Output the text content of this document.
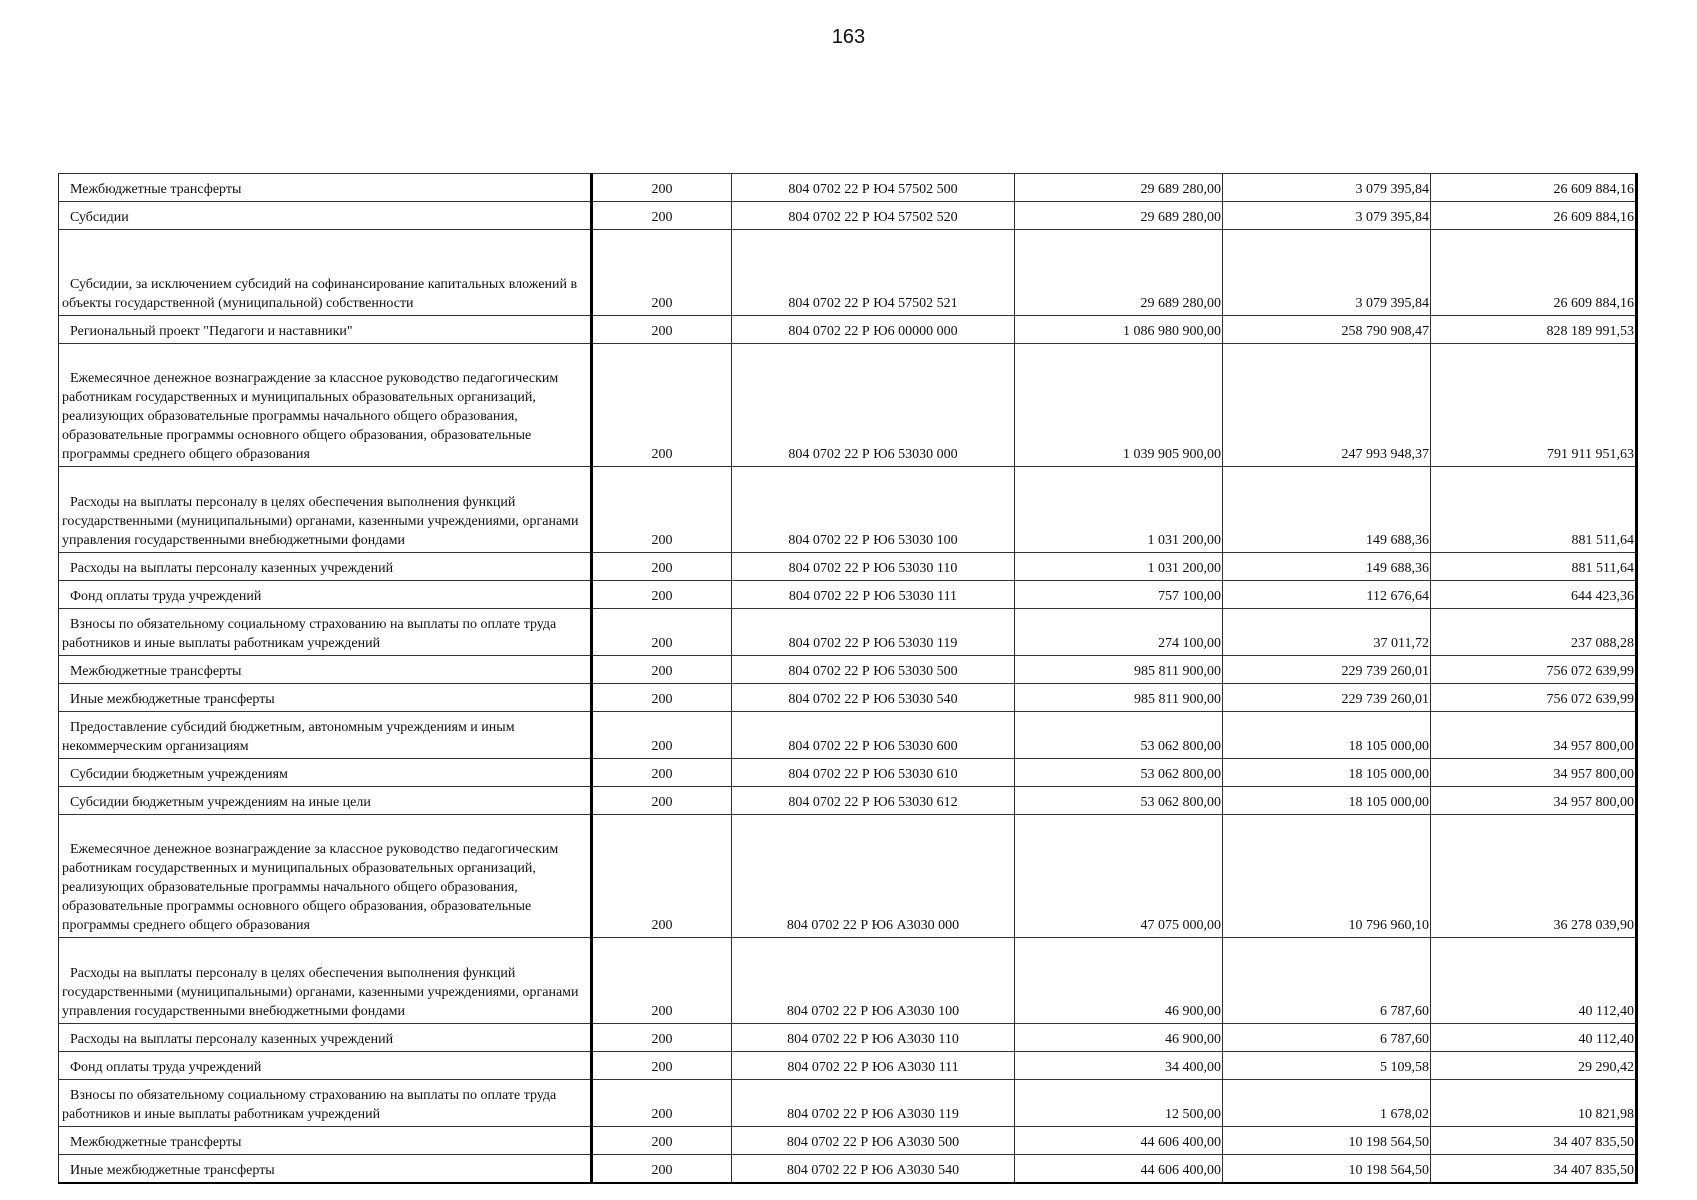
163
Межбюджетные трансферты	200	804 0702 22 Р Ю4 57502 500	29 689 280,00	3 079 395,84	26 609 884,16
Субсидии	200	804 0702 22 Р Ю4 57502 520	29 689 280,00	3 079 395,84	26 609 884,16
Субсидии, за исключением субсидий на софинансирование капитальных вложений в объекты государственной (муниципальной) собственности	200	804 0702 22 Р Ю4 57502 521	29 689 280,00	3 079 395,84	26 609 884,16
Региональный проект "Педагоги и наставники"	200	804 0702 22 Р Ю6 00000 000	1 086 980 900,00	258 790 908,47	828 189 991,53
Ежемесячное денежное вознаграждение за классное руководство педагогическим работникам государственных и муниципальных образовательных организаций, реализующих образовательные программы начального общего образования, образовательные программы основного общего образования, образовательные программы среднего общего образования	200	804 0702 22 Р Ю6 53030 000	1 039 905 900,00	247 993 948,37	791 911 951,63
Расходы на выплаты персоналу в целях обеспечения выполнения функций государственными (муниципальными) органами, казенными учреждениями, органами управления государственными внебюджетными фондами	200	804 0702 22 Р Ю6 53030 100	1 031 200,00	149 688,36	881 511,64
Расходы на выплаты персоналу казенных учреждений	200	804 0702 22 Р Ю6 53030 110	1 031 200,00	149 688,36	881 511,64
Фонд оплаты труда учреждений	200	804 0702 22 Р Ю6 53030 111	757 100,00	112 676,64	644 423,36
Взносы по обязательному социальному страхованию на выплаты по оплате труда работников и иные выплаты работникам учреждений	200	804 0702 22 Р Ю6 53030 119	274 100,00	37 011,72	237 088,28
Межбюджетные трансферты	200	804 0702 22 Р Ю6 53030 500	985 811 900,00	229 739 260,01	756 072 639,99
Иные межбюджетные трансферты	200	804 0702 22 Р Ю6 53030 540	985 811 900,00	229 739 260,01	756 072 639,99
Предоставление субсидий бюджетным, автономным учреждениям и иным некоммерческим организациям	200	804 0702 22 Р Ю6 53030 600	53 062 800,00	18 105 000,00	34 957 800,00
Субсидии бюджетным учреждениям	200	804 0702 22 Р Ю6 53030 610	53 062 800,00	18 105 000,00	34 957 800,00
Субсидии бюджетным учреждениям на иные цели	200	804 0702 22 Р Ю6 53030 612	53 062 800,00	18 105 000,00	34 957 800,00
Ежемесячное денежное вознаграждение за классное руководство педагогическим работникам государственных и муниципальных образовательных организаций, реализующих образовательные программы начального общего образования, образовательные программы основного общего образования, образовательные программы среднего общего образования	200	804 0702 22 Р Ю6 А3030 000	47 075 000,00	10 796 960,10	36 278 039,90
Расходы на выплаты персоналу в целях обеспечения выполнения функций государственными (муниципальными) органами, казенными учреждениями, органами управления государственными внебюджетными фондами	200	804 0702 22 Р Ю6 А3030 100	46 900,00	6 787,60	40 112,40
Расходы на выплаты персоналу казенных учреждений	200	804 0702 22 Р Ю6 А3030 110	46 900,00	6 787,60	40 112,40
Фонд оплаты труда учреждений	200	804 0702 22 Р Ю6 А3030 111	34 400,00	5 109,58	29 290,42
Взносы по обязательному социальному страхованию на выплаты по оплате труда работников и иные выплаты работникам учреждений	200	804 0702 22 Р Ю6 А3030 119	12 500,00	1 678,02	10 821,98
Межбюджетные трансферты	200	804 0702 22 Р Ю6 А3030 500	44 606 400,00	10 198 564,50	34 407 835,50
Иные межбюджетные трансферты	200	804 0702 22 Р Ю6 А3030 540	44 606 400,00	10 198 564,50	34 407 835,50
